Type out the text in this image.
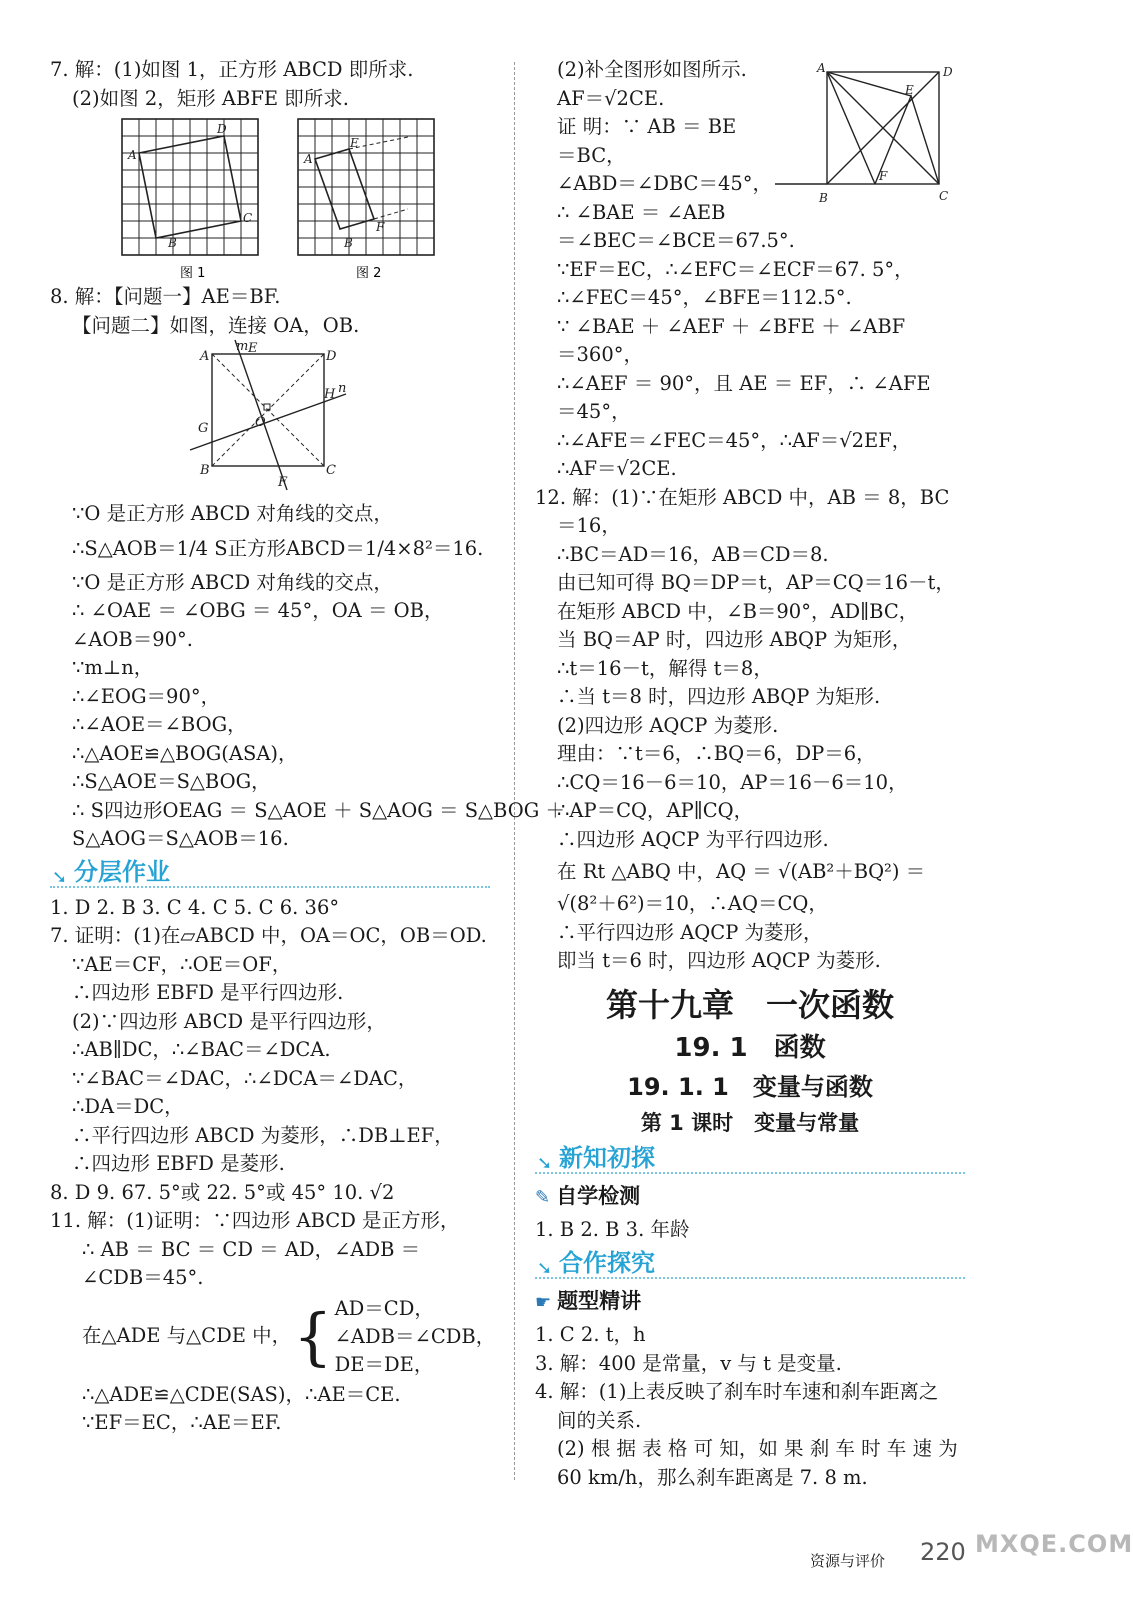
7. 解：(1)如图 1，正方形 ABCD 即所求.
(2)如图 2，矩形 ABFE 即所求.
A
B
C
D
A
B
E
F
图 1	图 2
8. 解：【问题一】AE＝BF.
【问题二】如图，连接 OA，OB.
A
B	C
D
E
F
G
H
O
m
n
∵O 是正方形 ABCD 对角线的交点，
∴S△AOB＝1/4 S正方形ABCD＝1/4×8²＝16.
∵O 是正方形 ABCD 对角线的交点，
∴ ∠OAE ＝ ∠OBG ＝ 45°，OA ＝ OB，
∠AOB＝90°.
∵m⊥n，
∴∠EOG＝90°，
∴∠AOE＝∠BOG，
∴△AOE≌△BOG(ASA)，
∴S△AOE＝S△BOG，
∴ S四边形OEAG ＝ S△AOE ＋ S△AOG ＝ S△BOG ＋
S△AOG＝S△AOB＝16.
➘ 分层作业
1. D 2. B 3. C 4. C 5. C 6. 36°
7. 证明：(1)在▱ABCD 中，OA＝OC，OB＝OD.
∵AE＝CF，∴OE＝OF，
∴四边形 EBFD 是平行四边形.
(2)∵四边形 ABCD 是平行四边形，
∴AB∥DC，∴∠BAC＝∠DCA.
∵∠BAC＝∠DAC，∴∠DCA＝∠DAC，
∴DA＝DC，
∴平行四边形 ABCD 为菱形，∴DB⊥EF，
∴四边形 EBFD 是菱形.
8. D 9. 67. 5°或 22. 5°或 45° 10. √2
11. 解：(1)证明：∵四边形 ABCD 是正方形，
∴ AB ＝ BC ＝ CD ＝ AD，∠ADB ＝
∠CDB＝45°.
在△ADE 与△CDE 中， { AD＝CD，
∠ADB＝∠CDB，
DE＝DE，
∴△ADE≌△CDE(SAS)，∴AE＝CE.
∵EF＝EC，∴AE＝EF.
A
B	C
D
E
F
(2)补全图形如图所示.
AF＝√2CE.
证 明：∵ AB ＝ BE
＝BC，
∠ABD＝∠DBC＝45°，
∴ ∠BAE ＝ ∠AEB
＝∠BEC＝∠BCE＝67.5°.
∵EF＝EC，∴∠EFC＝∠ECF＝67. 5°，
∴∠FEC＝45°，∠BFE＝112.5°.
∵ ∠BAE ＋ ∠AEF ＋ ∠BFE ＋ ∠ABF
＝360°，
∴∠AEF ＝ 90°，且 AE ＝ EF，∴ ∠AFE
＝45°，
∴∠AFE＝∠FEC＝45°，∴AF＝√2EF，
∴AF＝√2CE.
12. 解：(1)∵在矩形 ABCD 中，AB ＝ 8，BC
＝16，
∴BC＝AD＝16，AB＝CD＝8.
由已知可得 BQ＝DP＝t，AP＝CQ＝16－t，
在矩形 ABCD 中，∠B＝90°，AD∥BC，
当 BQ＝AP 时，四边形 ABQP 为矩形，
∴t＝16－t，解得 t＝8，
∴当 t＝8 时，四边形 ABQP 为矩形.
(2)四边形 AQCP 为菱形.
理由：∵t＝6，∴BQ＝6，DP＝6，
∴CQ＝16－6＝10，AP＝16－6＝10，
∴AP＝CQ，AP∥CQ，
∴四边形 AQCP 为平行四边形.
在 Rt △ABQ 中，AQ ＝ √(AB²＋BQ²) ＝
√(8²＋6²)＝10，∴AQ＝CQ，
∴平行四边形 AQCP 为菱形，
即当 t＝6 时，四边形 AQCP 为菱形.
第十九章　一次函数
19. 1　函数
19. 1. 1　变量与函数
第 1 课时　变量与常量
➘ 新知初探
✎ 自学检测
1. B 2. B 3. 年龄
➘ 合作探究
☛ 题型精讲
1. C 2. t，h
3. 解：400 是常量，v 与 t 是变量.
4. 解：(1)上表反映了刹车时车速和刹车距离之
间的关系.
(2) 根 据 表 格 可 知，如 果 刹 车 时 车 速 为
60 km/h，那么刹车距离是 7. 8 m.
资源与评价 220 MXQE.COM
